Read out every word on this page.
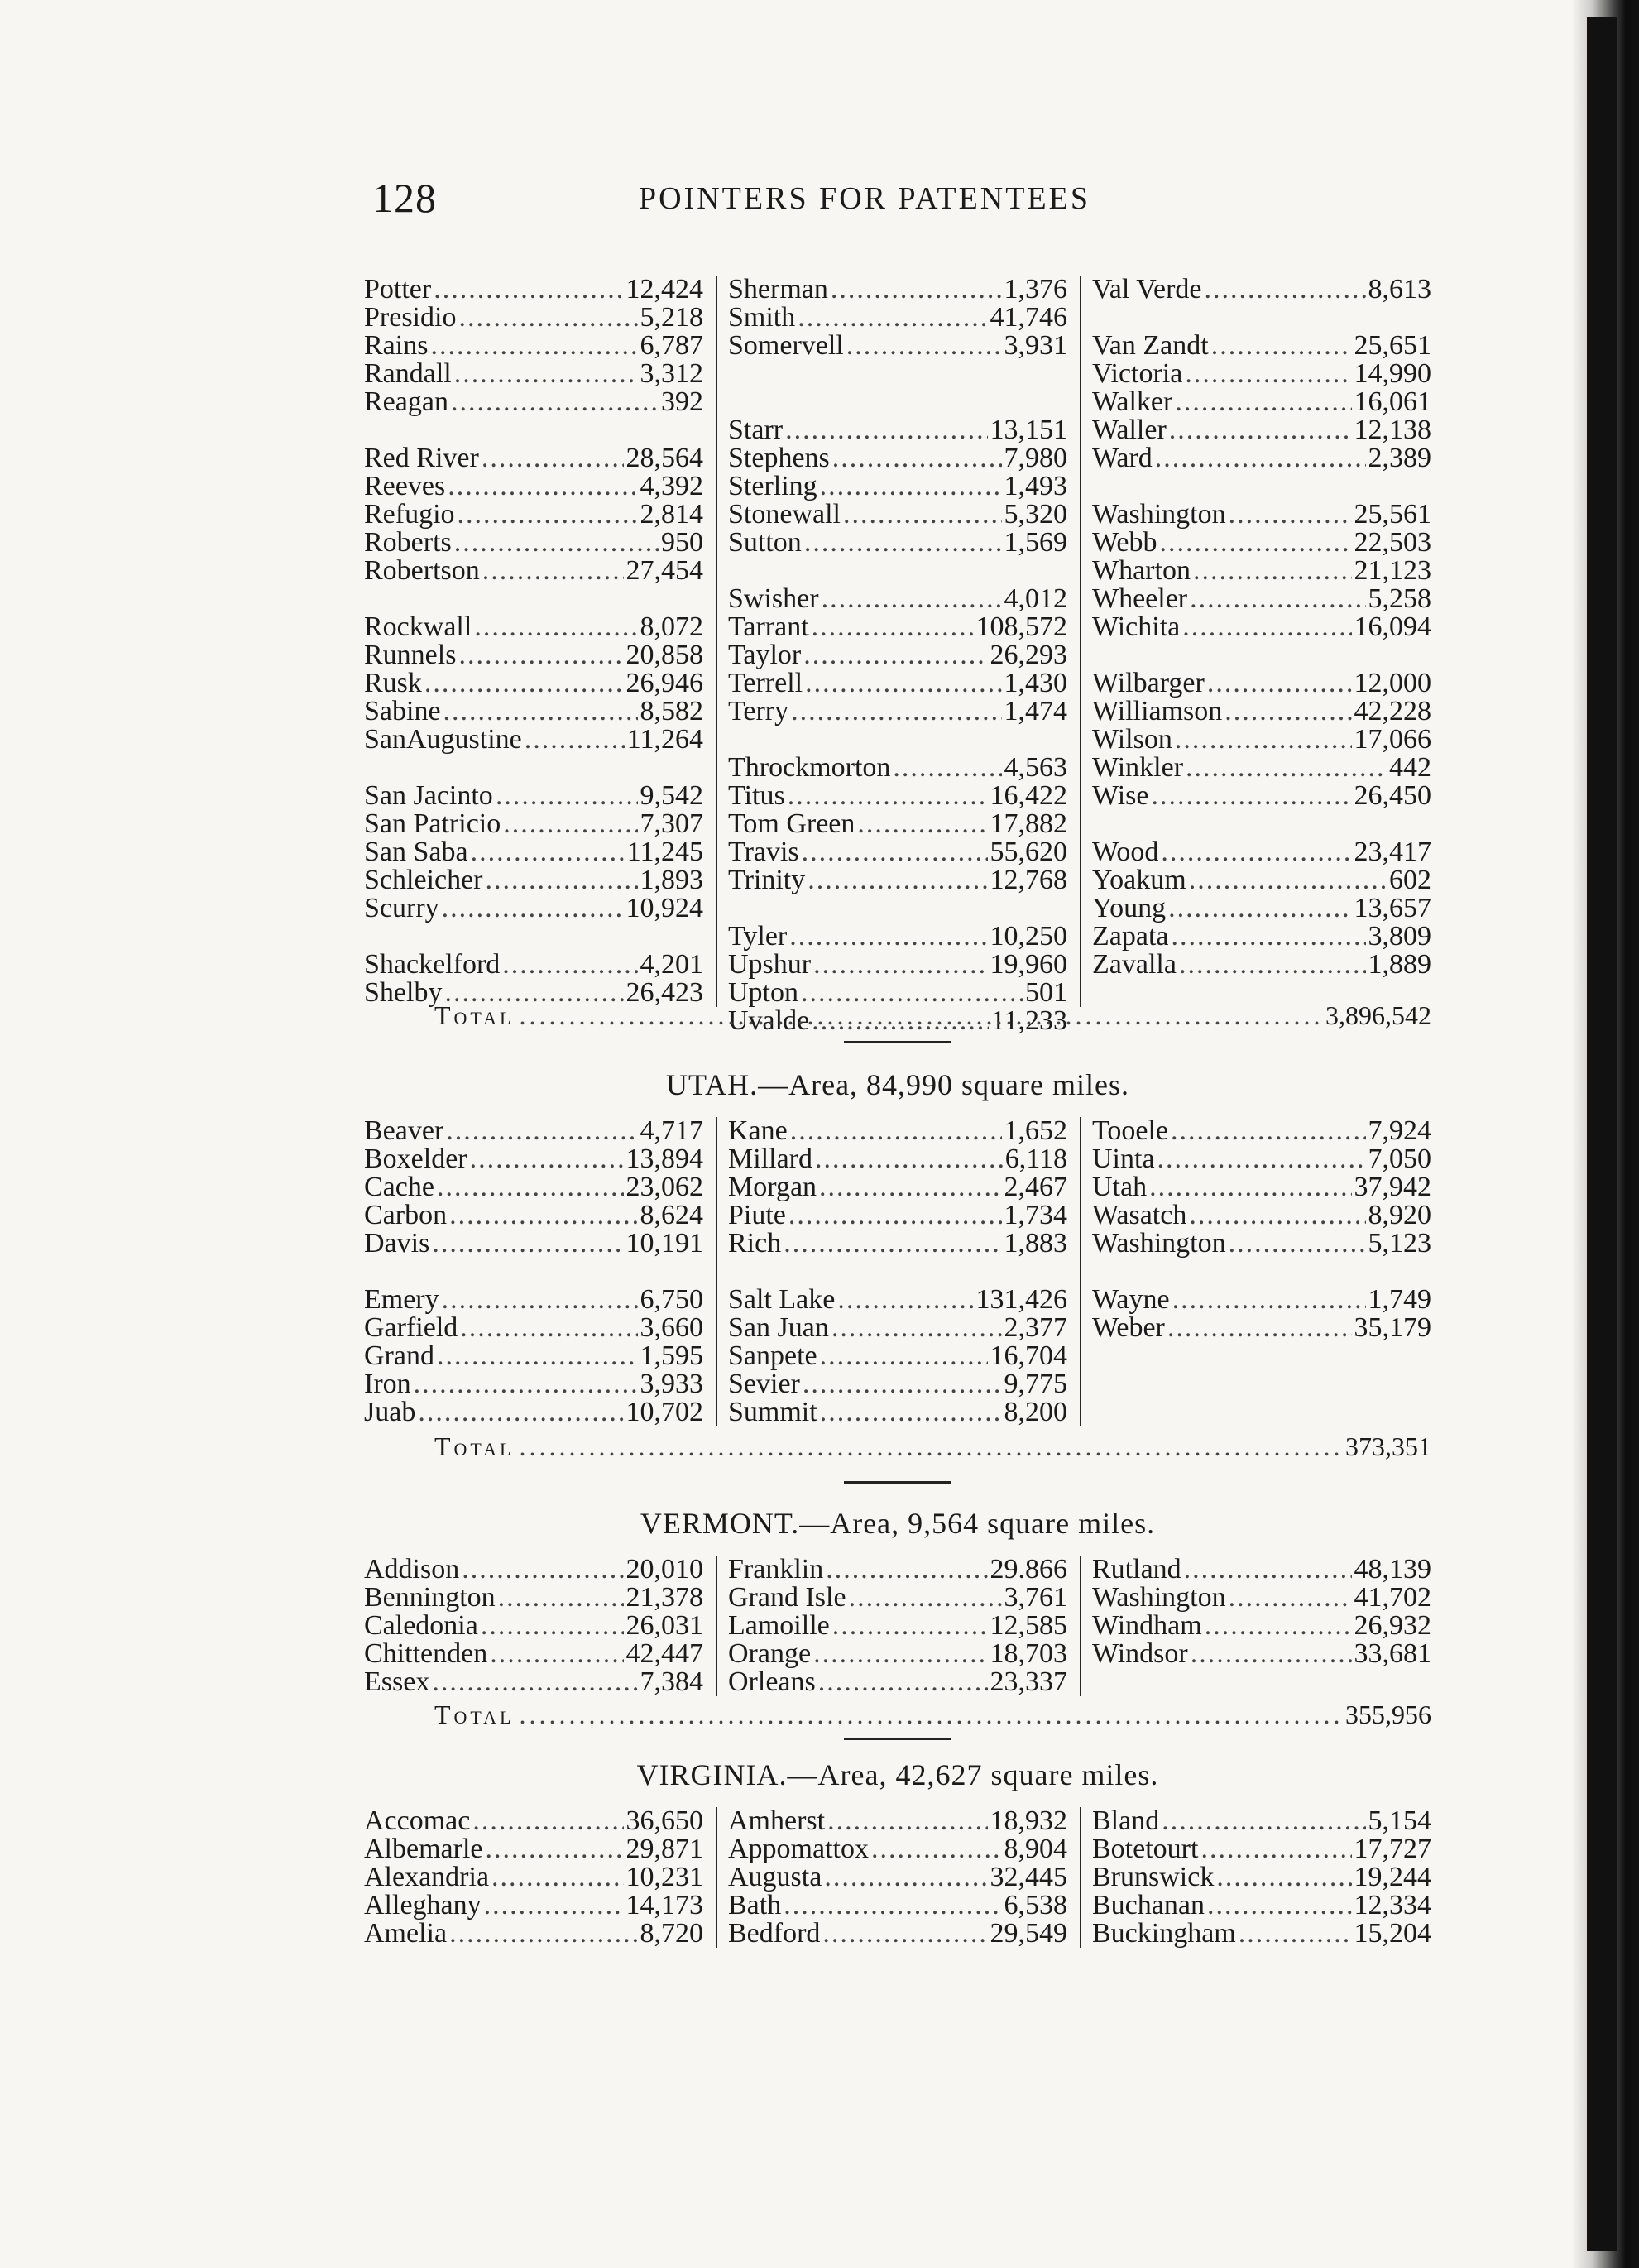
128	POINTERS FOR PATENTEES
Potter .....	12,424
Presidio .....	5,218
Rains .....	6,787
Randall .....	3,312
Reagan .....	392
Red River .....	28,564
Reeves .....	4,392
Refugio .....	2,814
Roberts .....	950
Robertson .....	27,454
Rockwall .....	8,072
Runnels .....	20,858
Rusk .....	26,946
Sabine .....	8,582
SanAugustine .....	11,264
San Jacinto .....	9,542
San Patricio .....	7,307
San Saba .....	11,245
Schleicher .....	1,893
Scurry .....	10,924
Shackelford .....	4,201
Shelby .....	26,423
Sherman .....	1,376
Smith .....	41,746
Somervell .....	3,931
Starr .....	13,151
Stephens .....	7,980
Sterling .....	1,493
Stonewall .....	5,320
Sutton .....	1,569
Swisher .....	4,012
Tarrant .....	108,572
Taylor .....	26,293
Terrell .....	1,430
Terry .....	1,474
Throckmorton .....	4,563
Titus .....	16,422
Tom Green .....	17,882
Travis .....	55,620
Trinity .....	12,768
Tyler .....	10,250
Upshur .....	19,960
Upton .....	501
Uvalde .....	11,233
Val Verde .....	8,613
Van Zandt .....	25,651
Victoria .....	14,990
Walker .....	16,061
Waller .....	12,138
Ward .....	2,389
Washington .....	25,561
Webb .....	22,503
Wharton .....	21,123
Wheeler .....	5,258
Wichita .....	16,094
Wilbarger .....	12,000
Williamson .....	42,228
Wilson .....	17,066
Winkler .....	442
Wise .....	26,450
Wood .....	23,417
Yoakum .....	602
Young .....	13,657
Zapata .....	3,809
Zavalla .....	1,889
Total .....	3,896,542
UTAH.—Area, 84,990 square miles.
Beaver .....	4,717
Boxelder .....	13,894
Cache .....	23,062
Carbon .....	8,624
Davis .....	10,191
Emery .....	6,750
Garfield .....	3,660
Grand .....	1,595
Iron .....	3,933
Juab .....	10,702
Kane .....	1,652
Millard .....	6,118
Morgan .....	2,467
Piute .....	1,734
Rich .....	1,883
Salt Lake .....	131,426
San Juan .....	2,377
Sanpete .....	16,704
Sevier .....	9,775
Summit .....	8,200
Tooele .....	7,924
Uinta .....	7,050
Utah .....	37,942
Wasatch .....	8,920
Washington .....	5,123
Wayne .....	1,749
Weber .....	35,179
Total .....	373,351
VERMONT.—Area, 9,564 square miles.
Addison .....	20,010
Bennington .....	21,378
Caledonia .....	26,031
Chittenden .....	42,447
Essex .....	7,384
Franklin .....	29.866
Grand Isle .....	3,761
Lamoille .....	12,585
Orange .....	18,703
Orleans .....	23,337
Rutland .....	48,139
Washington .....	41,702
Windham .....	26,932
Windsor .....	33,681
Total .....	355,956
VIRGINIA.—Area, 42,627 square miles.
Accomac .....	36,650
Albemarle .....	29,871
Alexandria .....	10,231
Alleghany .....	14,173
Amelia .....	8,720
Amherst .....	18,932
Appomattox .....	8,904
Augusta .....	32,445
Bath .....	6,538
Bedford .....	29,549
Bland .....	5,154
Botetourt .....	17,727
Brunswick .....	19,244
Buchanan .....	12,334
Buckingham .....	15,204
